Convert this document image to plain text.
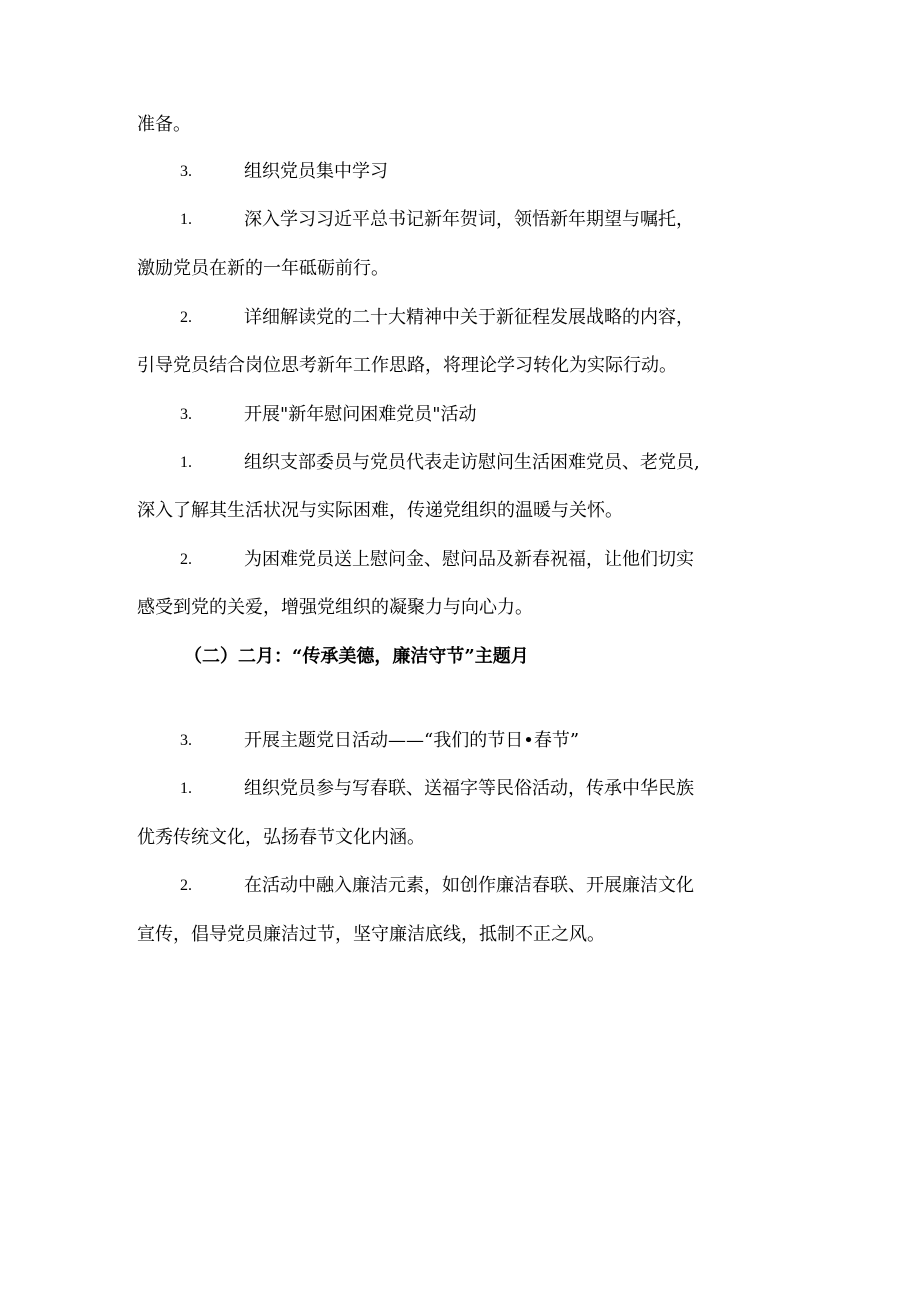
准备。
3.	组织党员集中学习
1.	深入学习习近平总书记新年贺词，领悟新年期望与嘱托，
激励党员在新的一年砥砺前行。
2.	详细解读党的二十大精神中关于新征程发展战略的内容，
引导党员结合岗位思考新年工作思路，将理论学习转化为实际行动。
3.	开展"新年慰问困难党员"活动
1.	组织支部委员与党员代表走访慰问生活困难党员、老党员,
深入了解其生活状况与实际困难，传递党组织的温暖与关怀。
2.	为困难党员送上慰问金、慰问品及新春祝福，让他们切实
感受到党的关爱，增强党组织的凝聚力与向心力。
（二）二月：“传承美德，廉洁守节”主题月
3.	开展主题党日活动——“我们的节日•春节”
1.	组织党员参与写春联、送福字等民俗活动，传承中华民族
优秀传统文化，弘扬春节文化内涵。
2.	在活动中融入廉洁元素，如创作廉洁春联、开展廉洁文化
宣传，倡导党员廉洁过节，坚守廉洁底线，抵制不正之风。
